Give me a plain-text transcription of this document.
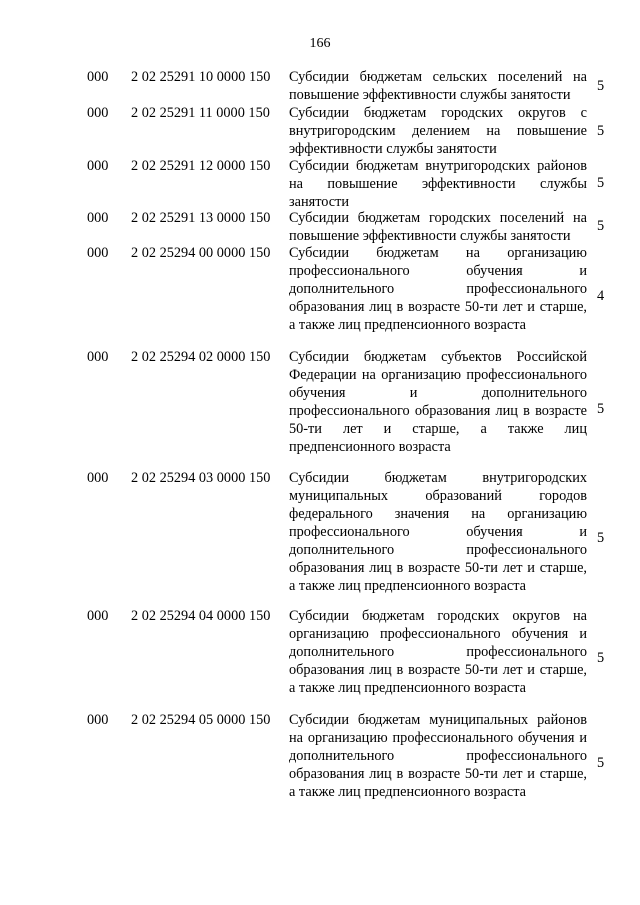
166
000 2 02 25291 10 0000 150 Субсидии бюджетам сельских поселений на повышение эффективности службы занятости
5
000 2 02 25291 11 0000 150 Субсидии бюджетам городских округов с внутригородским делением на повышение эффективности службы занятости
5
000 2 02 25291 12 0000 150 Субсидии бюджетам внутригородских районов на повышение эффективности службы занятости
5
000 2 02 25291 13 0000 150 Субсидии бюджетам городских поселений на повышение эффективности службы занятости
5
000 2 02 25294 00 0000 150 Субсидии бюджетам на организацию профессионального обучения и дополнительного профессионального образования лиц в возрасте 50-ти лет и старше, а также лиц предпенсионного возраста
4
000 2 02 25294 02 0000 150 Субсидии бюджетам субъектов Российской Федерации на организацию профессионального обучения и дополнительного профессионального образования лиц в возрасте 50-ти лет и старше, а также лиц предпенсионного возраста
5
000 2 02 25294 03 0000 150 Субсидии бюджетам внутригородских муниципальных образований городов федерального значения на организацию профессионального обучения и дополнительного профессионального образования лиц в возрасте 50-ти лет и старше, а также лиц предпенсионного возраста
5
000 2 02 25294 04 0000 150 Субсидии бюджетам городских округов на организацию профессионального обучения и дополнительного профессионального образования лиц в возрасте 50-ти лет и старше, а также лиц предпенсионного возраста
5
000 2 02 25294 05 0000 150 Субсидии бюджетам муниципальных районов на организацию профессионального обучения и дополнительного профессионального образования лиц в возрасте 50-ти лет и старше, а также лиц предпенсионного возраста
5
